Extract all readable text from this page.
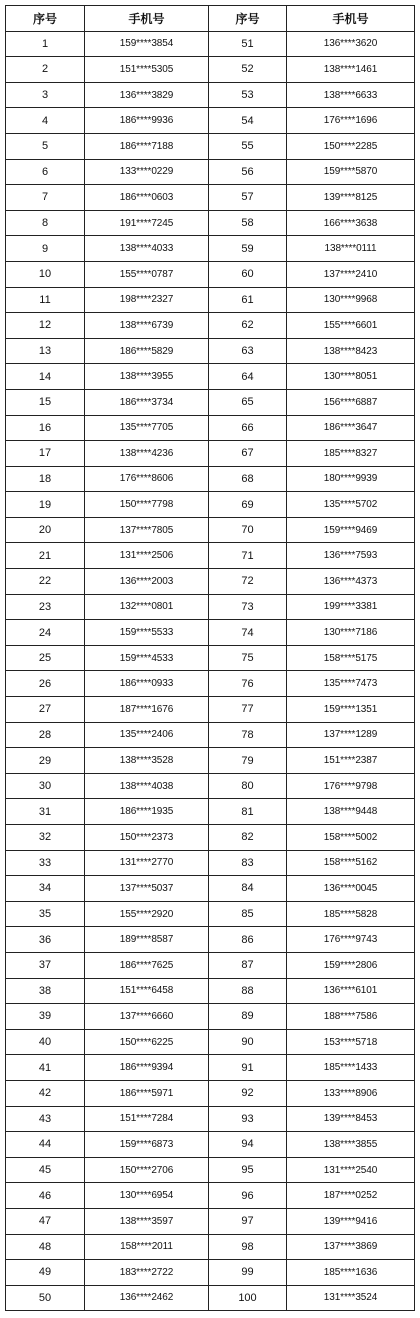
序号	手机号	序号	手机号
1	159****3854	51	136****3620
2	151****5305	52	138****1461
3	136****3829	53	138****6633
4	186****9936	54	176****1696
5	186****7188	55	150****2285
6	133****0229	56	159****5870
7	186****0603	57	139****8125
8	191****7245	58	166****3638
9	138****4033	59	138****0111
10	155****0787	60	137****2410
11	198****2327	61	130****9968
12	138****6739	62	155****6601
13	186****5829	63	138****8423
14	138****3955	64	130****8051
15	186****3734	65	156****6887
16	135****7705	66	186****3647
17	138****4236	67	185****8327
18	176****8606	68	180****9939
19	150****7798	69	135****5702
20	137****7805	70	159****9469
21	131****2506	71	136****7593
22	136****2003	72	136****4373
23	132****0801	73	199****3381
24	159****5533	74	130****7186
25	159****4533	75	158****5175
26	186****0933	76	135****7473
27	187****1676	77	159****1351
28	135****2406	78	137****1289
29	138****3528	79	151****2387
30	138****4038	80	176****9798
31	186****1935	81	138****9448
32	150****2373	82	158****5002
33	131****2770	83	158****5162
34	137****5037	84	136****0045
35	155****2920	85	185****5828
36	189****8587	86	176****9743
37	186****7625	87	159****2806
38	151****6458	88	136****6101
39	137****6660	89	188****7586
40	150****6225	90	153****5718
41	186****9394	91	185****1433
42	186****5971	92	133****8906
43	151****7284	93	139****8453
44	159****6873	94	138****3855
45	150****2706	95	131****2540
46	130****6954	96	187****0252
47	138****3597	97	139****9416
48	158****2011	98	137****3869
49	183****2722	99	185****1636
50	136****2462	100	131****3524
